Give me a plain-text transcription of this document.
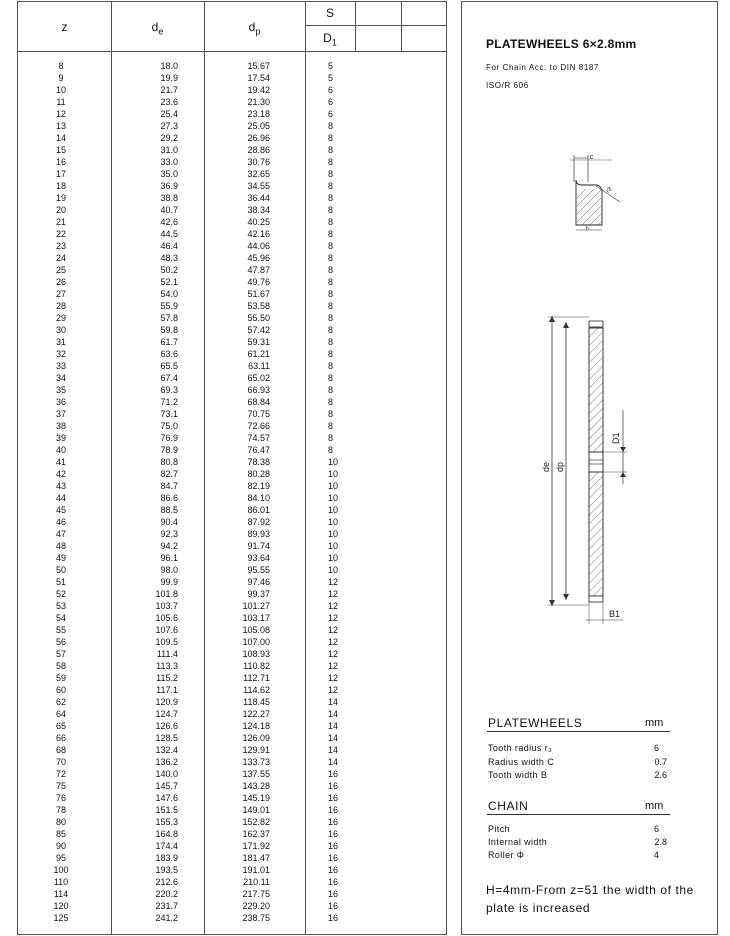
z	$d_e$	$d_p$
S
$D_1$
8	18.0	15.67	5
9	19.9	17.54	5
10	21.7	19.42	6
11	23.6	21.30	6
12	25.4	23.18	6
13	27.3	25.05	8
14	29.2	26.96	8
15	31.0	28.86	8
16	33.0	30.76	8
17	35.0	32.65	8
18	36.9	34.55	8
19	38.8	36.44	8
20	40.7	38.34	8
21	42.6	40.25	8
22	44.5	42.16	8
23	46.4	44.06	8
24	48.3	45.96	8
25	50.2	47.87	8
26	52.1	49.76	8
27	54.0	51.67	8
28	55.9	53.58	8
29	57.8	55.50	8
30	59.8	57.42	8
31	61.7	59.31	8
32	63.6	61.21	8
33	65.5	63.11	8
34	67.4	65.02	8
35	69.3	66.93	8
36	71.2	68.84	8
37	73.1	70.75	8
38	75.0	72.66	8
39	76.9	74.57	8
40	78.9	76.47	8
41	80.8	78.38	10
42	82.7	80.28	10
43	84.7	82.19	10
44	86.6	84.10	10
45	88.5	86.01	10
46	90.4	87.92	10
47	92.3	89.93	10
48	94.2	91.74	10
49	96.1	93.64	10
50	98.0	95.55	10
51	99.9	97.46	12
52	101.8	99.37	12
53	103.7	101.27	12
54	105.6	103.17	12
55	107.6	105.08	12
56	109.5	107.00	12
57	111.4	108.93	12
58	113.3	110.82	12
59	115.2	112.71	12
60	117.1	114.62	12
62	120.9	118.45	14
64	124.7	122.27	14
65	126.6	124.18	14
66	128.5	126.09	14
68	132.4	129.91	14
70	136.2	133.73	14
72	140.0	137.55	16
75	145.7	143.28	16
76	147.6	145.19	16
78	151.5	149.01	16
80	155.3	152.82	16
85	164.8	162.37	16
90	174.4	171.92	16
95	183.9	181.47	16
100	193.5	191.01	16
110	212.6	210.11	16
114	220.2	217.75	16
120	231.7	229.20	16
125	241.2	238.75	16
PLATEWHEELS 6×2.8mm
For Chain Acc. to DIN 8187
ISO/R 606
c
r3
h
de dp
D1
B1
PLATEWHEELS	mm
Tooth radius r₃	6
Radius width C	0.7
Tooth width B	2.6
CHAIN	mm
Pitch	6
Internal width	2.8
Roller Φ	4
H=4mm-From z=51 the width of the plate is increased
